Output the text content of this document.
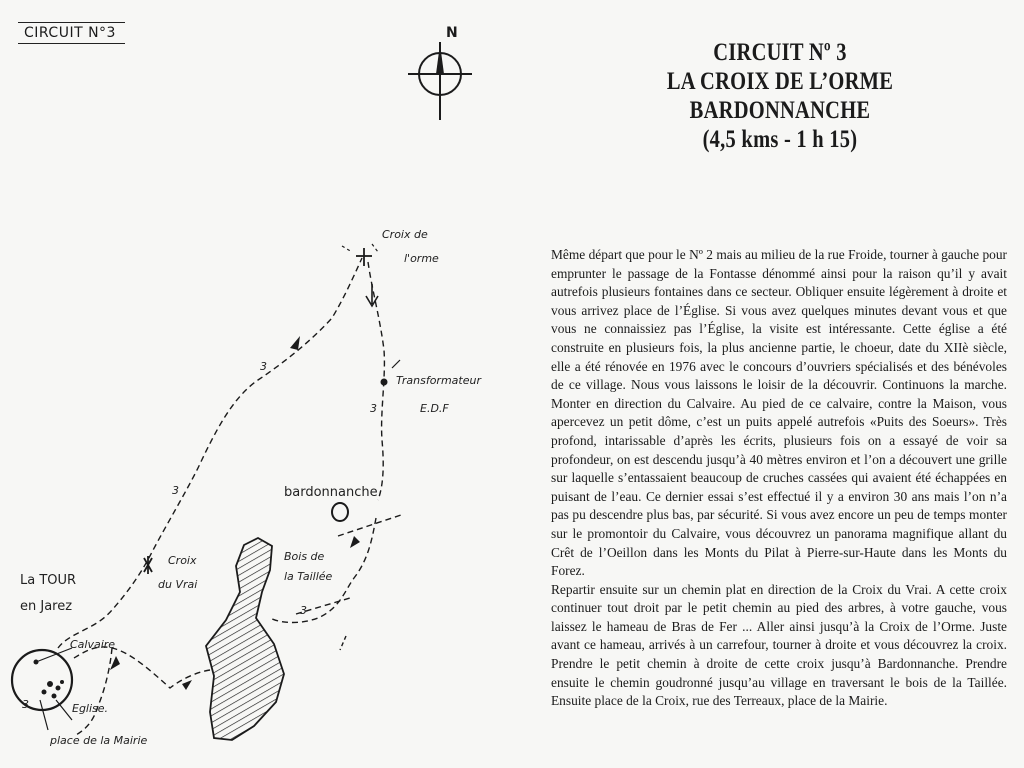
CIRCUIT N°3	N
CIRCUIT Nº 3
LA CROIX DE L’ORME
BARDONNANCHE
(4,5 kms - 1 h 15)
3
3
3
3
3
Croix de
l'orme
Transformateur
E.D.F
bardonnanche
Bois de
la Taillée
Croix
du Vrai
La TOUR
en Jarez
Calvaire
Eglise.
place de la Mairie

Même départ que pour le Nº 2 mais au milieu de la rue Froide, tourner à gauche pour emprunter le passage de la Fontasse dénommé ainsi pour la raison qu’il y avait autrefois plusieurs fontaines dans ce secteur. Obliquer ensuite légèrement à droite et vous arrivez place de l’Église. Si vous avez quelques minutes devant vous et que vous ne connaissiez pas l’Église, la visite est intéressante. Cette église a été construite en plusieurs fois, la plus ancienne partie, le choeur, date du XIIè siècle, elle a été rénovée en 1976 avec le concours d’ouvriers spécialisés et des bénévoles de ce village. Nous vous laissons le loisir de la découvrir. Continuons la marche. Monter en direction du Calvaire. Au pied de ce calvaire, contre la Maison, vous apercevez un petit dôme, c’est un puits appelé autrefois «Puits des Soeurs». Très profond, intarissable d’après les écrits, plusieurs fois on a essayé de voir sa profondeur, on est descendu jusqu’à 40 mètres environ et l’on a découvert une grille sur laquelle s’entassaient beaucoup de cruches cassées qui avaient été échappées en puisant de l’eau. Ce dernier essai s’est effectué il y a environ 30 ans mais l’on n’a pas pu descendre plus bas, par sécurité. Si vous avez encore un peu de temps monter sur le promontoir du Calvaire, vous découvrez un panorama magnifique allant du Crêt de l’Oeillon dans les Monts du Pilat à Pierre-sur-Haute dans les Monts du Forez.

Repartir ensuite sur un chemin plat en direction de la Croix du Vrai. A cette croix continuer tout droit par le petit chemin au pied des arbres, à votre gauche, vous laissez le hameau de Bras de Fer ... Aller ainsi jusqu’à la Croix de l’Orme. Juste avant ce hameau, arrivés à un carrefour, tourner à droite et vous découvrez la croix. Prendre le petit chemin à droite de cette croix jusqu’à Bardonnanche. Prendre ensuite le chemin goudronné jusqu’au village en traversant le bois de la Taillée. Ensuite place de la Croix, rue des Terreaux, place de la Mairie.
